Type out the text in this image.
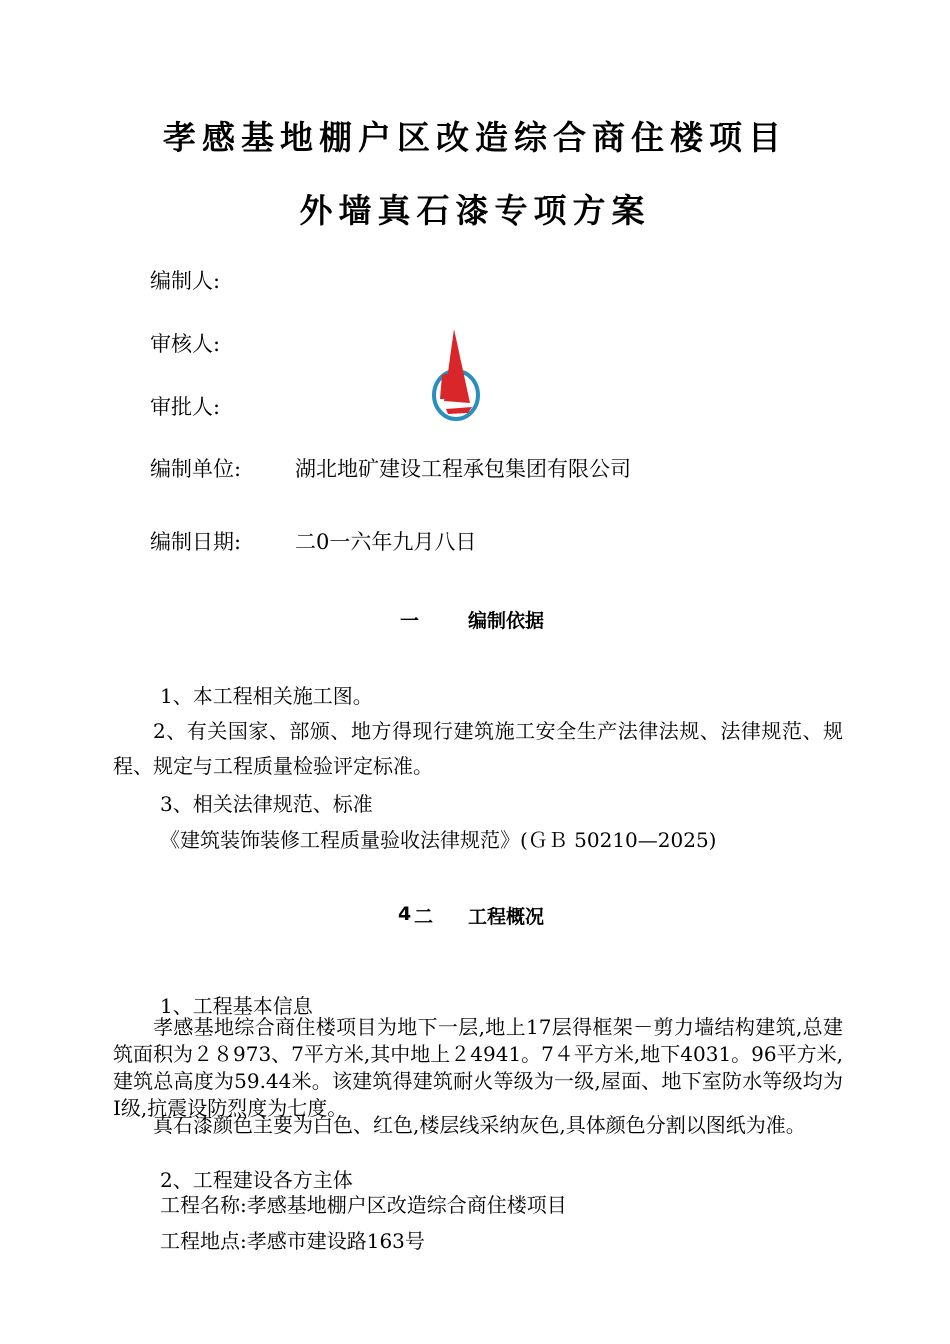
孝感基地棚户区改造综合商住楼项目
外墙真石漆专项方案
编制人:
审核人:
审批人:
编制单位:	湖北地矿建设工程承包集团有限公司
编制日期:	二0一六年九月八日
一	编制依据
1、本工程相关施工图。
2、有关国家、部颁、地方得现行建筑施工安全生产法律法规、法律规范、规程、规定与工程质量检验评定标准。
3、相关法律规范、标准
《建筑装饰装修工程质量验收法律规范》(ＧＢ 50210—2025)
4 二 工程概况
1、工程基本信息
孝感基地综合商住楼项目为地下一层,地上17层得框架－剪力墙结构建筑,总建筑面积为２８973、7平方米,其中地上２4941。7４平方米,地下4031。96平方米,建筑总高度为59.44米。该建筑得建筑耐火等级为一级,屋面、地下室防水等级均为Ⅰ级,抗震设防烈度为七度。
真石漆颜色主要为白色、红色,楼层线采纳灰色,具体颜色分割以图纸为准。
2、工程建设各方主体
工程名称:孝感基地棚户区改造综合商住楼项目
工程地点:孝感市建设路163号
